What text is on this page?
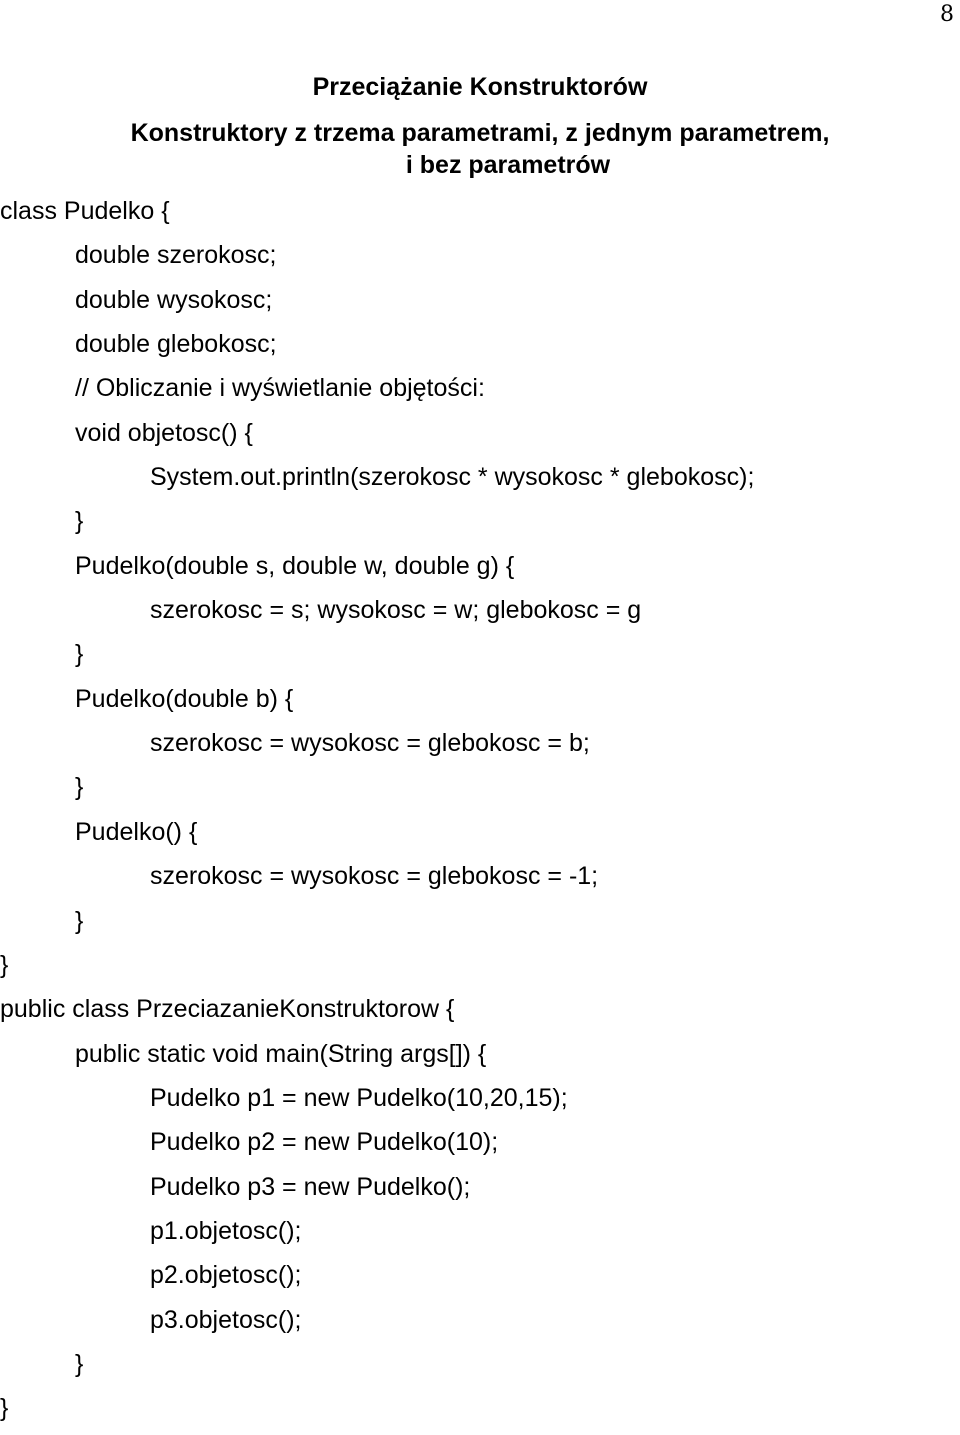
8
Przeciążanie Konstruktorów
Konstruktory z trzema parametrami, z jednym parametrem,
i bez parametrów
class Pudelko {
double szerokosc;
double wysokosc;
double glebokosc;
// Obliczanie i wyświetlanie objętości:
void objetosc() {
System.out.println(szerokosc * wysokosc * glebokosc);
}
Pudelko(double s, double w, double g) {
szerokosc = s; wysokosc = w; glebokosc = g
}
Pudelko(double b) {
szerokosc = wysokosc = glebokosc = b;
}
Pudelko() {
szerokosc = wysokosc = glebokosc = -1;
}
}
public class PrzeciazanieKonstruktorow {
public static void main(String args[]) {
Pudelko p1 = new Pudelko(10,20,15);
Pudelko p2 = new Pudelko(10);
Pudelko p3 = new Pudelko();
p1.objetosc();
p2.objetosc();
p3.objetosc();
}
}
